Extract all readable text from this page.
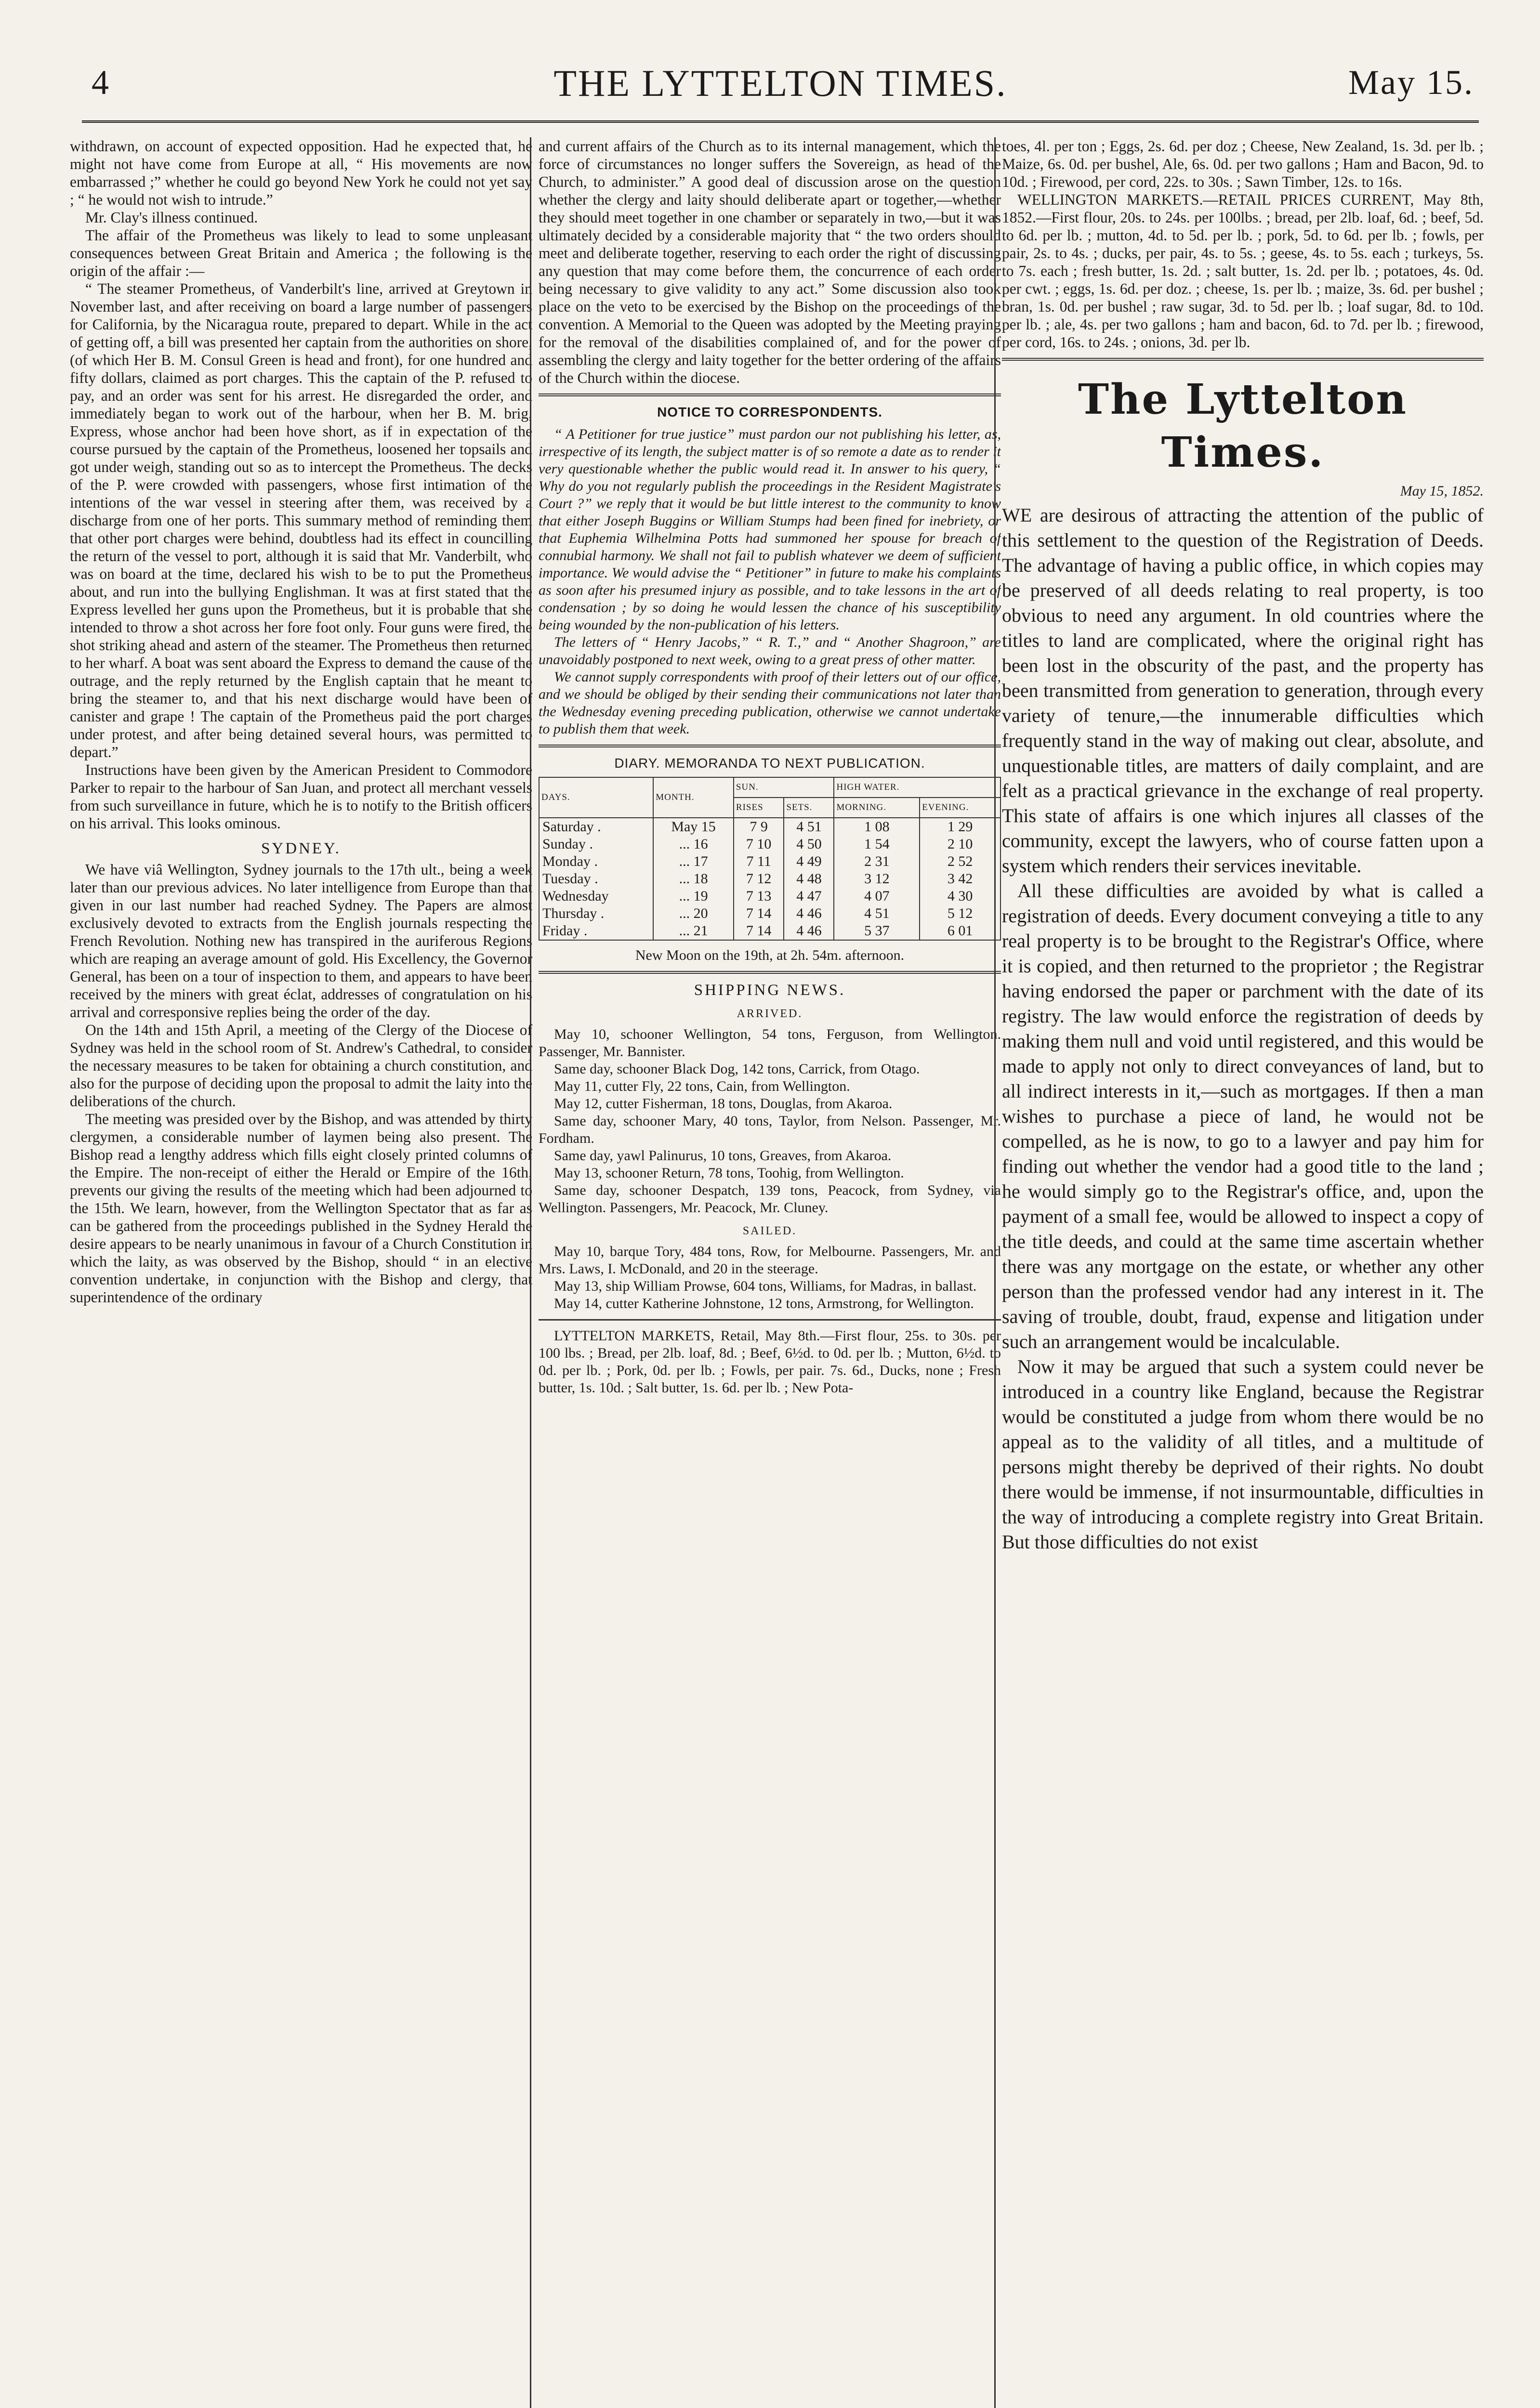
4	THE LYTTELTON TIMES.	May 15.

withdrawn, on account of expected opposition. Had he expected that, he might not have come from Europe at all, “ His movements are now embarrassed ;” whether he could go beyond New York he could not yet say ; “ he would not wish to intrude.”

Mr. Clay's illness continued.

The affair of the Prometheus was likely to lead to some unpleasant consequences between Great Britain and America ; the following is the origin of the affair :—

“ The steamer Prometheus, of Vanderbilt's line, arrived at Greytown in November last, and after receiving on board a large number of passengers for California, by the Nicaragua route, prepared to depart. While in the act of getting off, a bill was presented her captain from the authorities on shore, (of which Her B. M. Consul Green is head and front), for one hundred and fifty dollars, claimed as port charges. This the captain of the P. refused to pay, and an order was sent for his arrest. He disregarded the order, and immediately began to work out of the harbour, when her B. M. brig, Express, whose anchor had been hove short, as if in expectation of the course pursued by the captain of the Prometheus, loosened her topsails and got under weigh, standing out so as to intercept the Prometheus. The decks of the P. were crowded with passengers, whose first intimation of the intentions of the war vessel in steering after them, was received by a discharge from one of her ports. This summary method of reminding them that other port charges were behind, doubtless had its effect in councilling the return of the vessel to port, although it is said that Mr. Vanderbilt, who was on board at the time, declared his wish to be to put the Prometheus about, and run into the bullying Englishman. It was at first stated that the Express levelled her guns upon the Prometheus, but it is probable that she intended to throw a shot across her fore foot only. Four guns were fired, the shot striking ahead and astern of the steamer. The Prometheus then returned to her wharf. A boat was sent aboard the Express to demand the cause of the outrage, and the reply returned by the English captain that he meant to bring the steamer to, and that his next discharge would have been of canister and grape ! The captain of the Prometheus paid the port charges under protest, and after being detained several hours, was permitted to depart.”

Instructions have been given by the American President to Commodore Parker to repair to the harbour of San Juan, and protect all merchant vessels from such surveillance in future, which he is to notify to the British officers on his arrival. This looks ominous.

SYDNEY.

We have viâ Wellington, Sydney journals to the 17th ult., being a week later than our previous advices. No later intelligence from Europe than that given in our last number had reached Sydney. The Papers are almost exclusively devoted to extracts from the English journals respecting the French Revolution. Nothing new has transpired in the auriferous Regions which are reaping an average amount of gold. His Excellency, the Governor General, has been on a tour of inspection to them, and appears to have been received by the miners with great éclat, addresses of congratulation on his arrival and corresponsive replies being the order of the day.

On the 14th and 15th April, a meeting of the Clergy of the Diocese of Sydney was held in the school room of St. Andrew's Cathedral, to consider the necessary measures to be taken for obtaining a church constitution, and also for the purpose of deciding upon the proposal to admit the laity into the deliberations of the church.

The meeting was presided over by the Bishop, and was attended by thirty clergymen, a considerable number of laymen being also present. The Bishop read a lengthy address which fills eight closely printed columns of the Empire. The non-receipt of either the Herald or Empire of the 16th, prevents our giving the results of the meeting which had been adjourned to the 15th. We learn, however, from the Wellington Spectator that as far as can be gathered from the proceedings published in the Sydney Herald the desire appears to be nearly unanimous in favour of a Church Constitution in which the laity, as was observed by the Bishop, should “ in an elective convention undertake, in conjunction with the Bishop and clergy, that superintendence of the ordinary

and current affairs of the Church as to its internal management, which the force of circumstances no longer suffers the Sovereign, as head of the Church, to administer.” A good deal of discussion arose on the question whether the clergy and laity should deliberate apart or together,—whether they should meet together in one chamber or separately in two,—but it was ultimately decided by a considerable majority that “ the two orders should meet and deliberate together, reserving to each order the right of discussing any question that may come before them, the concurrence of each order being necessary to give validity to any act.” Some discussion also took place on the veto to be exercised by the Bishop on the proceedings of the convention. A Memorial to the Queen was adopted by the Meeting praying for the removal of the disabilities complained of, and for the power of assembling the clergy and laity together for the better ordering of the affairs of the Church within the diocese.

NOTICE TO CORRESPONDENTS.

“ A Petitioner for true justice” must pardon our not publishing his letter, as, irrespective of its length, the subject matter is of so remote a date as to render it very questionable whether the public would read it. In answer to his query, “ Why do you not regularly publish the proceedings in the Resident Magistrate's Court ?” we reply that it would be but little interest to the community to know that either Joseph Buggins or William Stumps had been fined for inebriety, or that Euphemia Wilhelmina Potts had summoned her spouse for breach of connubial harmony. We shall not fail to publish whatever we deem of sufficient importance. We would advise the “ Petitioner” in future to make his complaints as soon after his presumed injury as possible, and to take lessons in the art of condensation ; by so doing he would lessen the chance of his susceptibility being wounded by the non-publication of his letters.

The letters of “ Henry Jacobs,” “ R. T.,” and “ Another Shagroon,” are unavoidably postponed to next week, owing to a great press of other matter.

We cannot supply correspondents with proof of their letters out of our office, and we should be obliged by their sending their communications not later than the Wednesday evening preceding publication, otherwise we cannot undertake to publish them that week.

DIARY. MEMORANDA TO NEXT PUBLICATION.
DAYS.	MONTH.	SUN.		HIGH WATER.	
		RISES	SETS.	MORNING.	EVENING.
Saturday .	May 15	7 9	4 51	1 08	1 29
Sunday .	... 16	7 10	4 50	1 54	2 10
Monday .	... 17	7 11	4 49	2 31	2 52
Tuesday .	... 18	7 12	4 48	3 12	3 42
Wednesday	... 19	7 13	4 47	4 07	4 30
Thursday .	... 20	7 14	4 46	4 51	5 12
Friday .	... 21	7 14	4 46	5 37	6 01
New Moon on the 19th, at 2h. 54m. afternoon.
SHIPPING NEWS.
ARRIVED.

May 10, schooner Wellington, 54 tons, Ferguson, from Wellington. Passenger, Mr. Bannister.

Same day, schooner Black Dog, 142 tons, Carrick, from Otago.

May 11, cutter Fly, 22 tons, Cain, from Wellington.

May 12, cutter Fisherman, 18 tons, Douglas, from Akaroa.

Same day, schooner Mary, 40 tons, Taylor, from Nelson. Passenger, Mr. Fordham.

Same day, yawl Palinurus, 10 tons, Greaves, from Akaroa.

May 13, schooner Return, 78 tons, Toohig, from Wellington.

Same day, schooner Despatch, 139 tons, Peacock, from Sydney, via Wellington. Passengers, Mr. Peacock, Mr. Cluney.

SAILED.

May 10, barque Tory, 484 tons, Row, for Melbourne. Passengers, Mr. and Mrs. Laws, I. McDonald, and 20 in the steerage.

May 13, ship William Prowse, 604 tons, Williams, for Madras, in ballast.

May 14, cutter Katherine Johnstone, 12 tons, Armstrong, for Wellington.

LYTTELTON MARKETS, Retail, May 8th.—First flour, 25s. to 30s. per 100 lbs. ; Bread, per 2lb. loaf, 8d. ; Beef, 6½d. to 0d. per lb. ; Mutton, 6½d. to 0d. per lb. ; Pork, 0d. per lb. ; Fowls, per pair. 7s. 6d., Ducks, none ; Fresh butter, 1s. 10d. ; Salt butter, 1s. 6d. per lb. ; New Pota-

toes, 4l. per ton ; Eggs, 2s. 6d. per doz ; Cheese, New Zealand, 1s. 3d. per lb. ; Maize, 6s. 0d. per bushel, Ale, 6s. 0d. per two gallons ; Ham and Bacon, 9d. to 10d. ; Firewood, per cord, 22s. to 30s. ; Sawn Timber, 12s. to 16s.

WELLINGTON MARKETS.—RETAIL PRICES CURRENT, May 8th, 1852.—First flour, 20s. to 24s. per 100lbs. ; bread, per 2lb. loaf, 6d. ; beef, 5d. to 6d. per lb. ; mutton, 4d. to 5d. per lb. ; pork, 5d. to 6d. per lb. ; fowls, per pair, 2s. to 4s. ; ducks, per pair, 4s. to 5s. ; geese, 4s. to 5s. each ; turkeys, 5s. to 7s. each ; fresh butter, 1s. 2d. ; salt butter, 1s. 2d. per lb. ; potatoes, 4s. 0d. per cwt. ; eggs, 1s. 6d. per doz. ; cheese, 1s. per lb. ; maize, 3s. 6d. per bushel ; bran, 1s. 0d. per bushel ; raw sugar, 3d. to 5d. per lb. ; loaf sugar, 8d. to 10d. per lb. ; ale, 4s. per two gallons ; ham and bacon, 6d. to 7d. per lb. ; firewood, per cord, 16s. to 24s. ; onions, 3d. per lb.

The Lyttelton Times.
May 15, 1852.

WE are desirous of attracting the attention of the public of this settlement to the question of the Registration of Deeds. The advantage of having a public office, in which copies may be preserved of all deeds relating to real property, is too obvious to need any argument. In old countries where the titles to land are complicated, where the original right has been lost in the obscurity of the past, and the property has been transmitted from generation to generation, through every variety of tenure,—the innumerable difficulties which frequently stand in the way of making out clear, absolute, and unquestionable titles, are matters of daily complaint, and are felt as a practical grievance in the exchange of real property. This state of affairs is one which injures all classes of the community, except the lawyers, who of course fatten upon a system which renders their services inevitable.

All these difficulties are avoided by what is called a registration of deeds. Every document conveying a title to any real property is to be brought to the Registrar's Office, where it is copied, and then returned to the proprietor ; the Registrar having endorsed the paper or parchment with the date of its registry. The law would enforce the registration of deeds by making them null and void until registered, and this would be made to apply not only to direct conveyances of land, but to all indirect interests in it,—such as mortgages. If then a man wishes to purchase a piece of land, he would not be compelled, as he is now, to go to a lawyer and pay him for finding out whether the vendor had a good title to the land ; he would simply go to the Registrar's office, and, upon the payment of a small fee, would be allowed to inspect a copy of the title deeds, and could at the same time ascertain whether there was any mortgage on the estate, or whether any other person than the professed vendor had any interest in it. The saving of trouble, doubt, fraud, expense and litigation under such an arrangement would be incalculable.

Now it may be argued that such a system could never be introduced in a country like England, because the Registrar would be constituted a judge from whom there would be no appeal as to the validity of all titles, and a multitude of persons might thereby be deprived of their rights. No doubt there would be immense, if not insurmountable, difficulties in the way of introducing a complete registry into Great Britain. But those difficulties do not exist
